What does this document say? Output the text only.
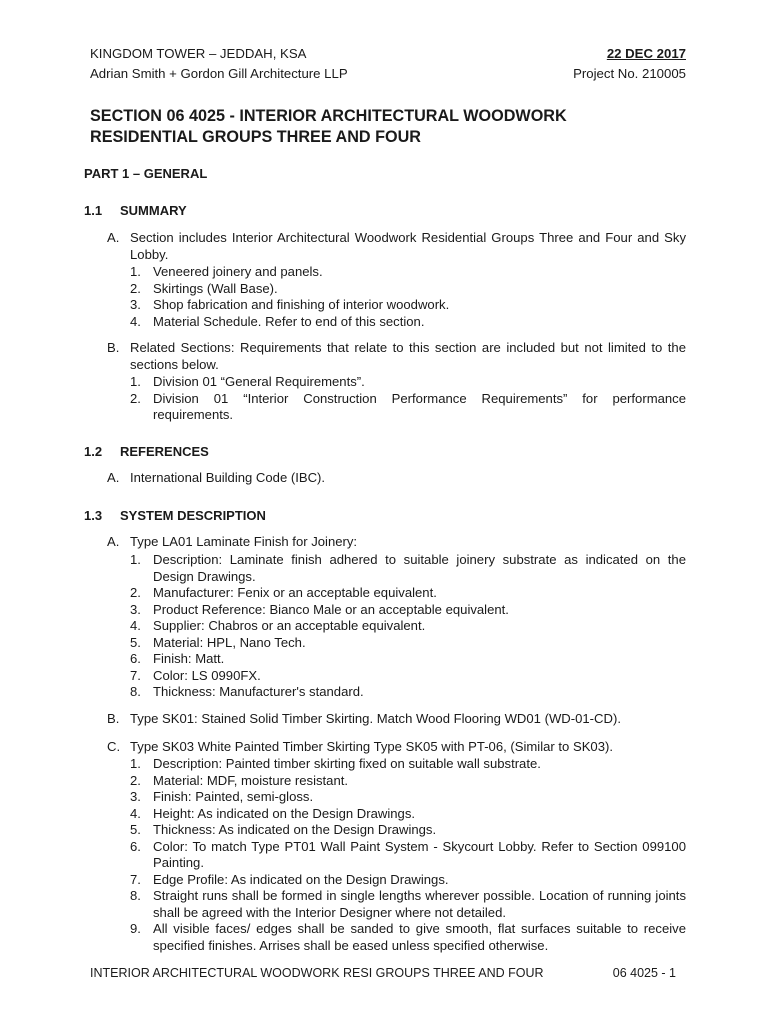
KINGDOM TOWER – JEDDAH, KSA	22 DEC 2017
Adrian Smith + Gordon Gill Architecture LLP	Project No. 210005
SECTION 06 4025 - INTERIOR ARCHITECTURAL WOODWORK
RESIDENTIAL GROUPS THREE AND FOUR
PART 1 – GENERAL
1.1 SUMMARY
A. Section includes Interior Architectural Woodwork Residential Groups Three and Four and Sky Lobby.
1. Veneered joinery and panels.
2. Skirtings (Wall Base).
3. Shop fabrication and finishing of interior woodwork.
4. Material Schedule. Refer to end of this section.
B. Related Sections: Requirements that relate to this section are included but not limited to the sections below.
1. Division 01 “General Requirements”.
2. Division 01 “Interior Construction Performance Requirements” for performance requirements.
1.2 REFERENCES
A. International Building Code (IBC).
1.3 SYSTEM DESCRIPTION
A. Type LA01 Laminate Finish for Joinery:
1. Description: Laminate finish adhered to suitable joinery substrate as indicated on the Design Drawings.
2. Manufacturer: Fenix or an acceptable equivalent.
3. Product Reference: Bianco Male or an acceptable equivalent.
4. Supplier: Chabros or an acceptable equivalent.
5. Material: HPL, Nano Tech.
6. Finish: Matt.
7. Color: LS 0990FX.
8. Thickness: Manufacturer's standard.
B. Type SK01: Stained Solid Timber Skirting. Match Wood Flooring WD01 (WD-01-CD).
C. Type SK03 White Painted Timber Skirting Type SK05 with PT-06, (Similar to SK03).
1. Description: Painted timber skirting fixed on suitable wall substrate.
2. Material: MDF, moisture resistant.
3. Finish: Painted, semi-gloss.
4. Height: As indicated on the Design Drawings.
5. Thickness: As indicated on the Design Drawings.
6. Color: To match Type PT01 Wall Paint System - Skycourt Lobby. Refer to Section 099100 Painting.
7. Edge Profile: As indicated on the Design Drawings.
8. Straight runs shall be formed in single lengths wherever possible. Location of running joints shall be agreed with the Interior Designer where not detailed.
9. All visible faces/ edges shall be sanded to give smooth, flat surfaces suitable to receive specified finishes. Arrises shall be eased unless specified otherwise.
INTERIOR ARCHITECTURAL WOODWORK RESI GROUPS THREE AND FOUR	06 4025 - 1
